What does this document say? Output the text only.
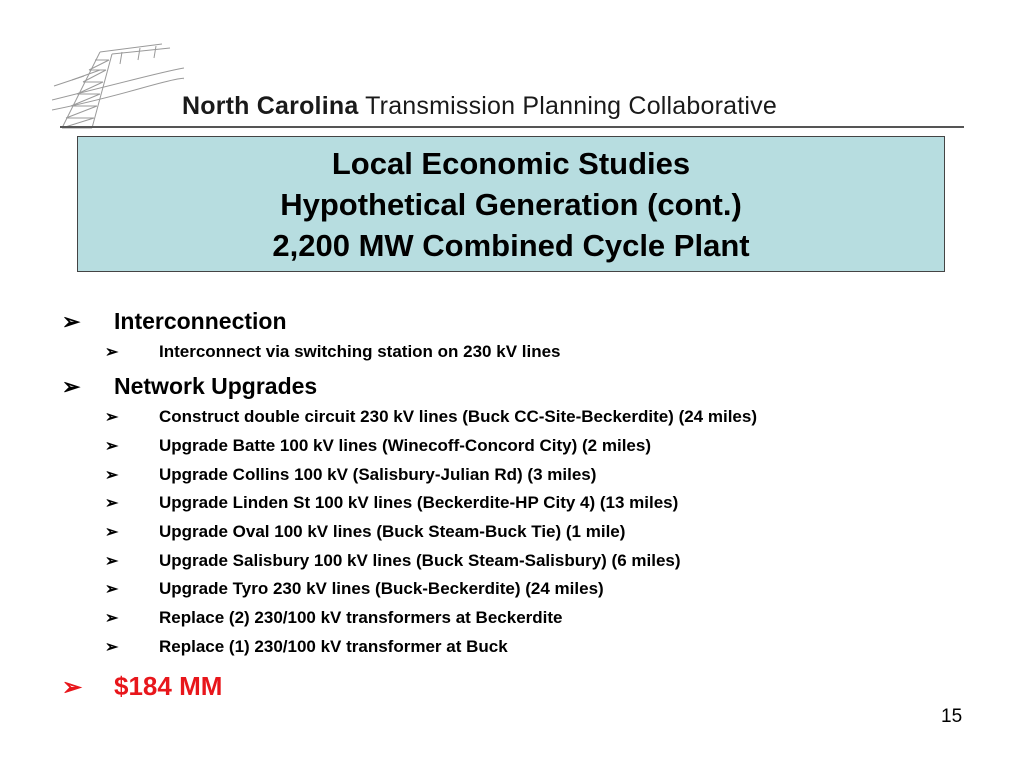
North Carolina Transmission Planning Collaborative
Local Economic Studies
Hypothetical Generation (cont.)
2,200 MW Combined Cycle Plant
➢ Interconnection
➢ Interconnect via switching station on 230 kV lines
➢ Network Upgrades
➢ Construct double circuit 230 kV lines (Buck CC-Site-Beckerdite) (24 miles)
➢ Upgrade Batte 100 kV lines (Winecoff-Concord City) (2 miles)
➢ Upgrade Collins 100 kV (Salisbury-Julian Rd) (3 miles)
➢ Upgrade Linden St 100 kV lines (Beckerdite-HP City 4) (13 miles)
➢ Upgrade Oval 100 kV lines (Buck Steam-Buck Tie) (1 mile)
➢ Upgrade Salisbury 100 kV lines (Buck Steam-Salisbury) (6 miles)
➢ Upgrade Tyro 230 kV lines (Buck-Beckerdite) (24 miles)
➢ Replace (2) 230/100 kV transformers at Beckerdite
➢ Replace (1) 230/100 kV transformer at Buck
➢ $184 MM
15
